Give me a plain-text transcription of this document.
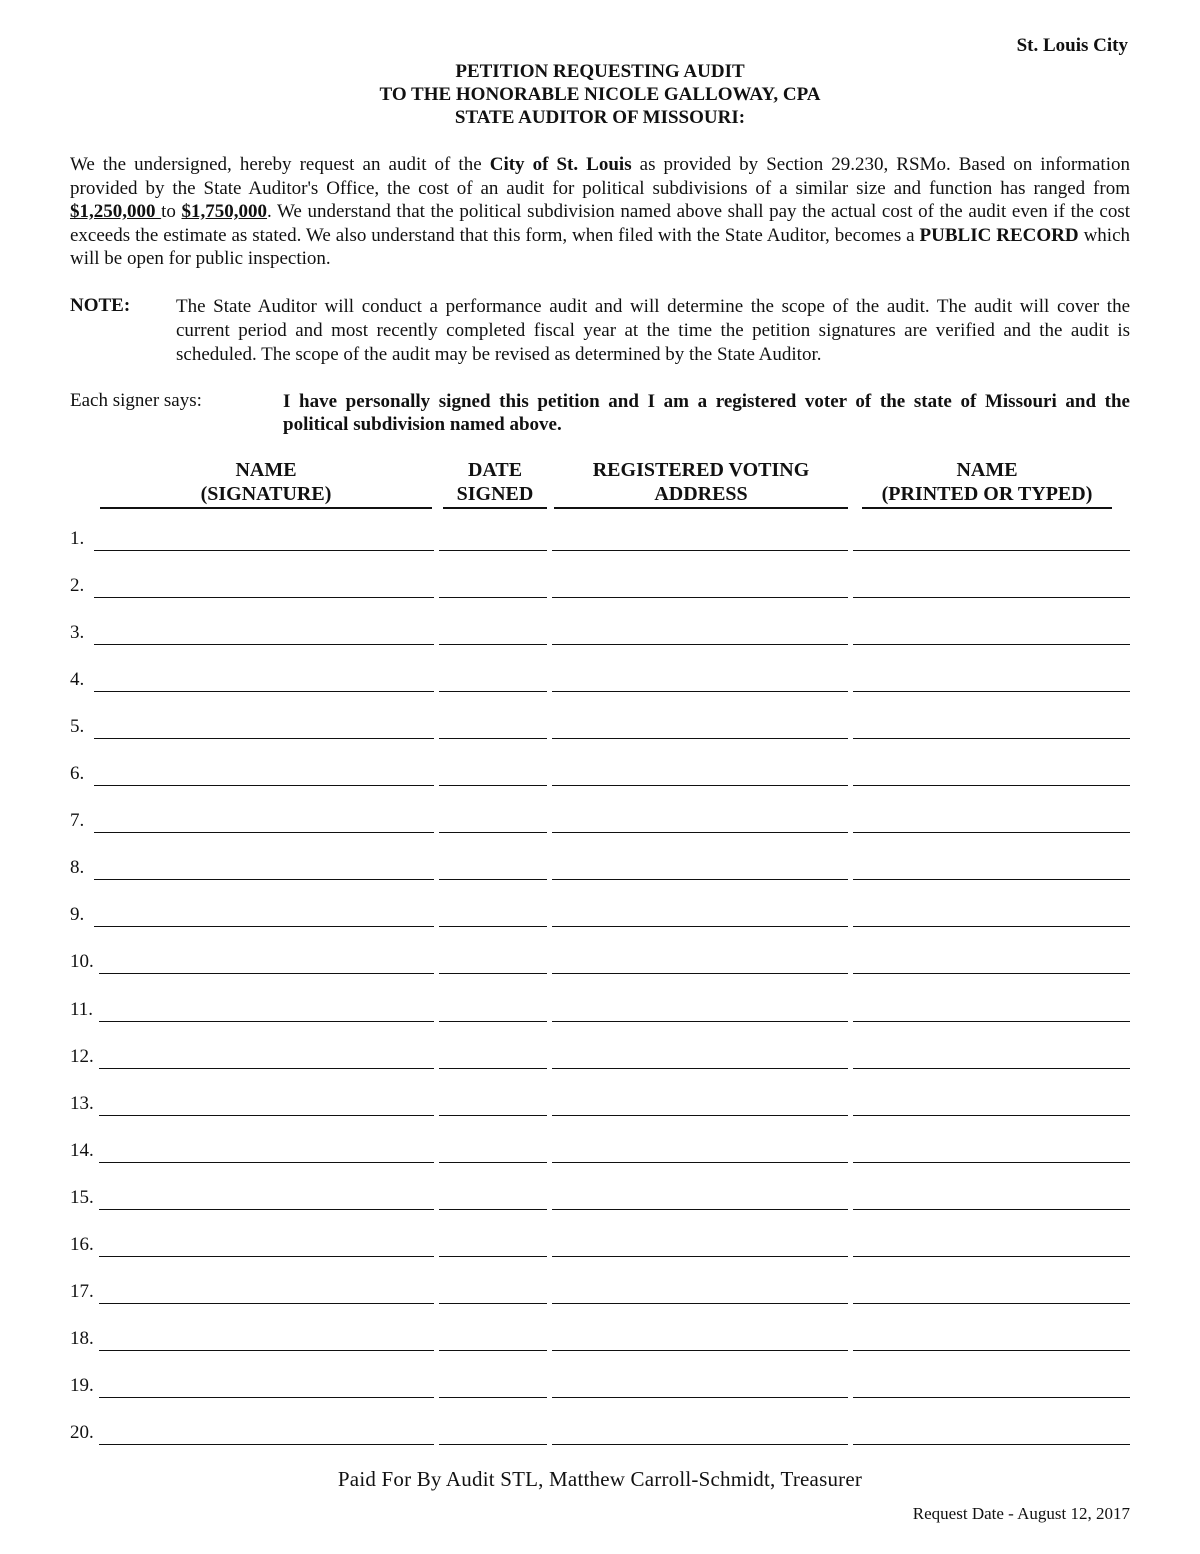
St. Louis City
PETITION REQUESTING AUDIT
TO THE HONORABLE NICOLE GALLOWAY, CPA
STATE AUDITOR OF MISSOURI:

We the undersigned, hereby request an audit of the City of St. Louis as provided by Section 29.230, RSMo. Based on information provided by the State Auditor's Office, the cost of an audit for political subdivisions of a similar size and function has ranged from $1,250,000 to $1,750,000. We understand that the political subdivision named above shall pay the actual cost of the audit even if the cost exceeds the estimate as stated. We also understand that this form, when filed with the State Auditor, becomes a PUBLIC RECORD which will be open for public inspection.

NOTE: The State Auditor will conduct a performance audit and will determine the scope of the audit. The audit will cover the current period and most recently completed fiscal year at the time the petition signatures are verified and the audit is scheduled. The scope of the audit may be revised as determined by the State Auditor.

Each signer says:	I have personally signed this petition and I am a registered voter of the state of Missouri and the political subdivision named above.

NAME
(SIGNATURE)
DATE
SIGNED
REGISTERED VOTING
ADDRESS
NAME
(PRINTED OR TYPED)
1.
2.
3.
4.
5.
6.
7.
8.
9.
10.
11.
12.
13.
14.
15.
16.
17.
18.
19.
20.
Paid For By Audit STL, Matthew Carroll-Schmidt, Treasurer
Request Date - August 12, 2017
